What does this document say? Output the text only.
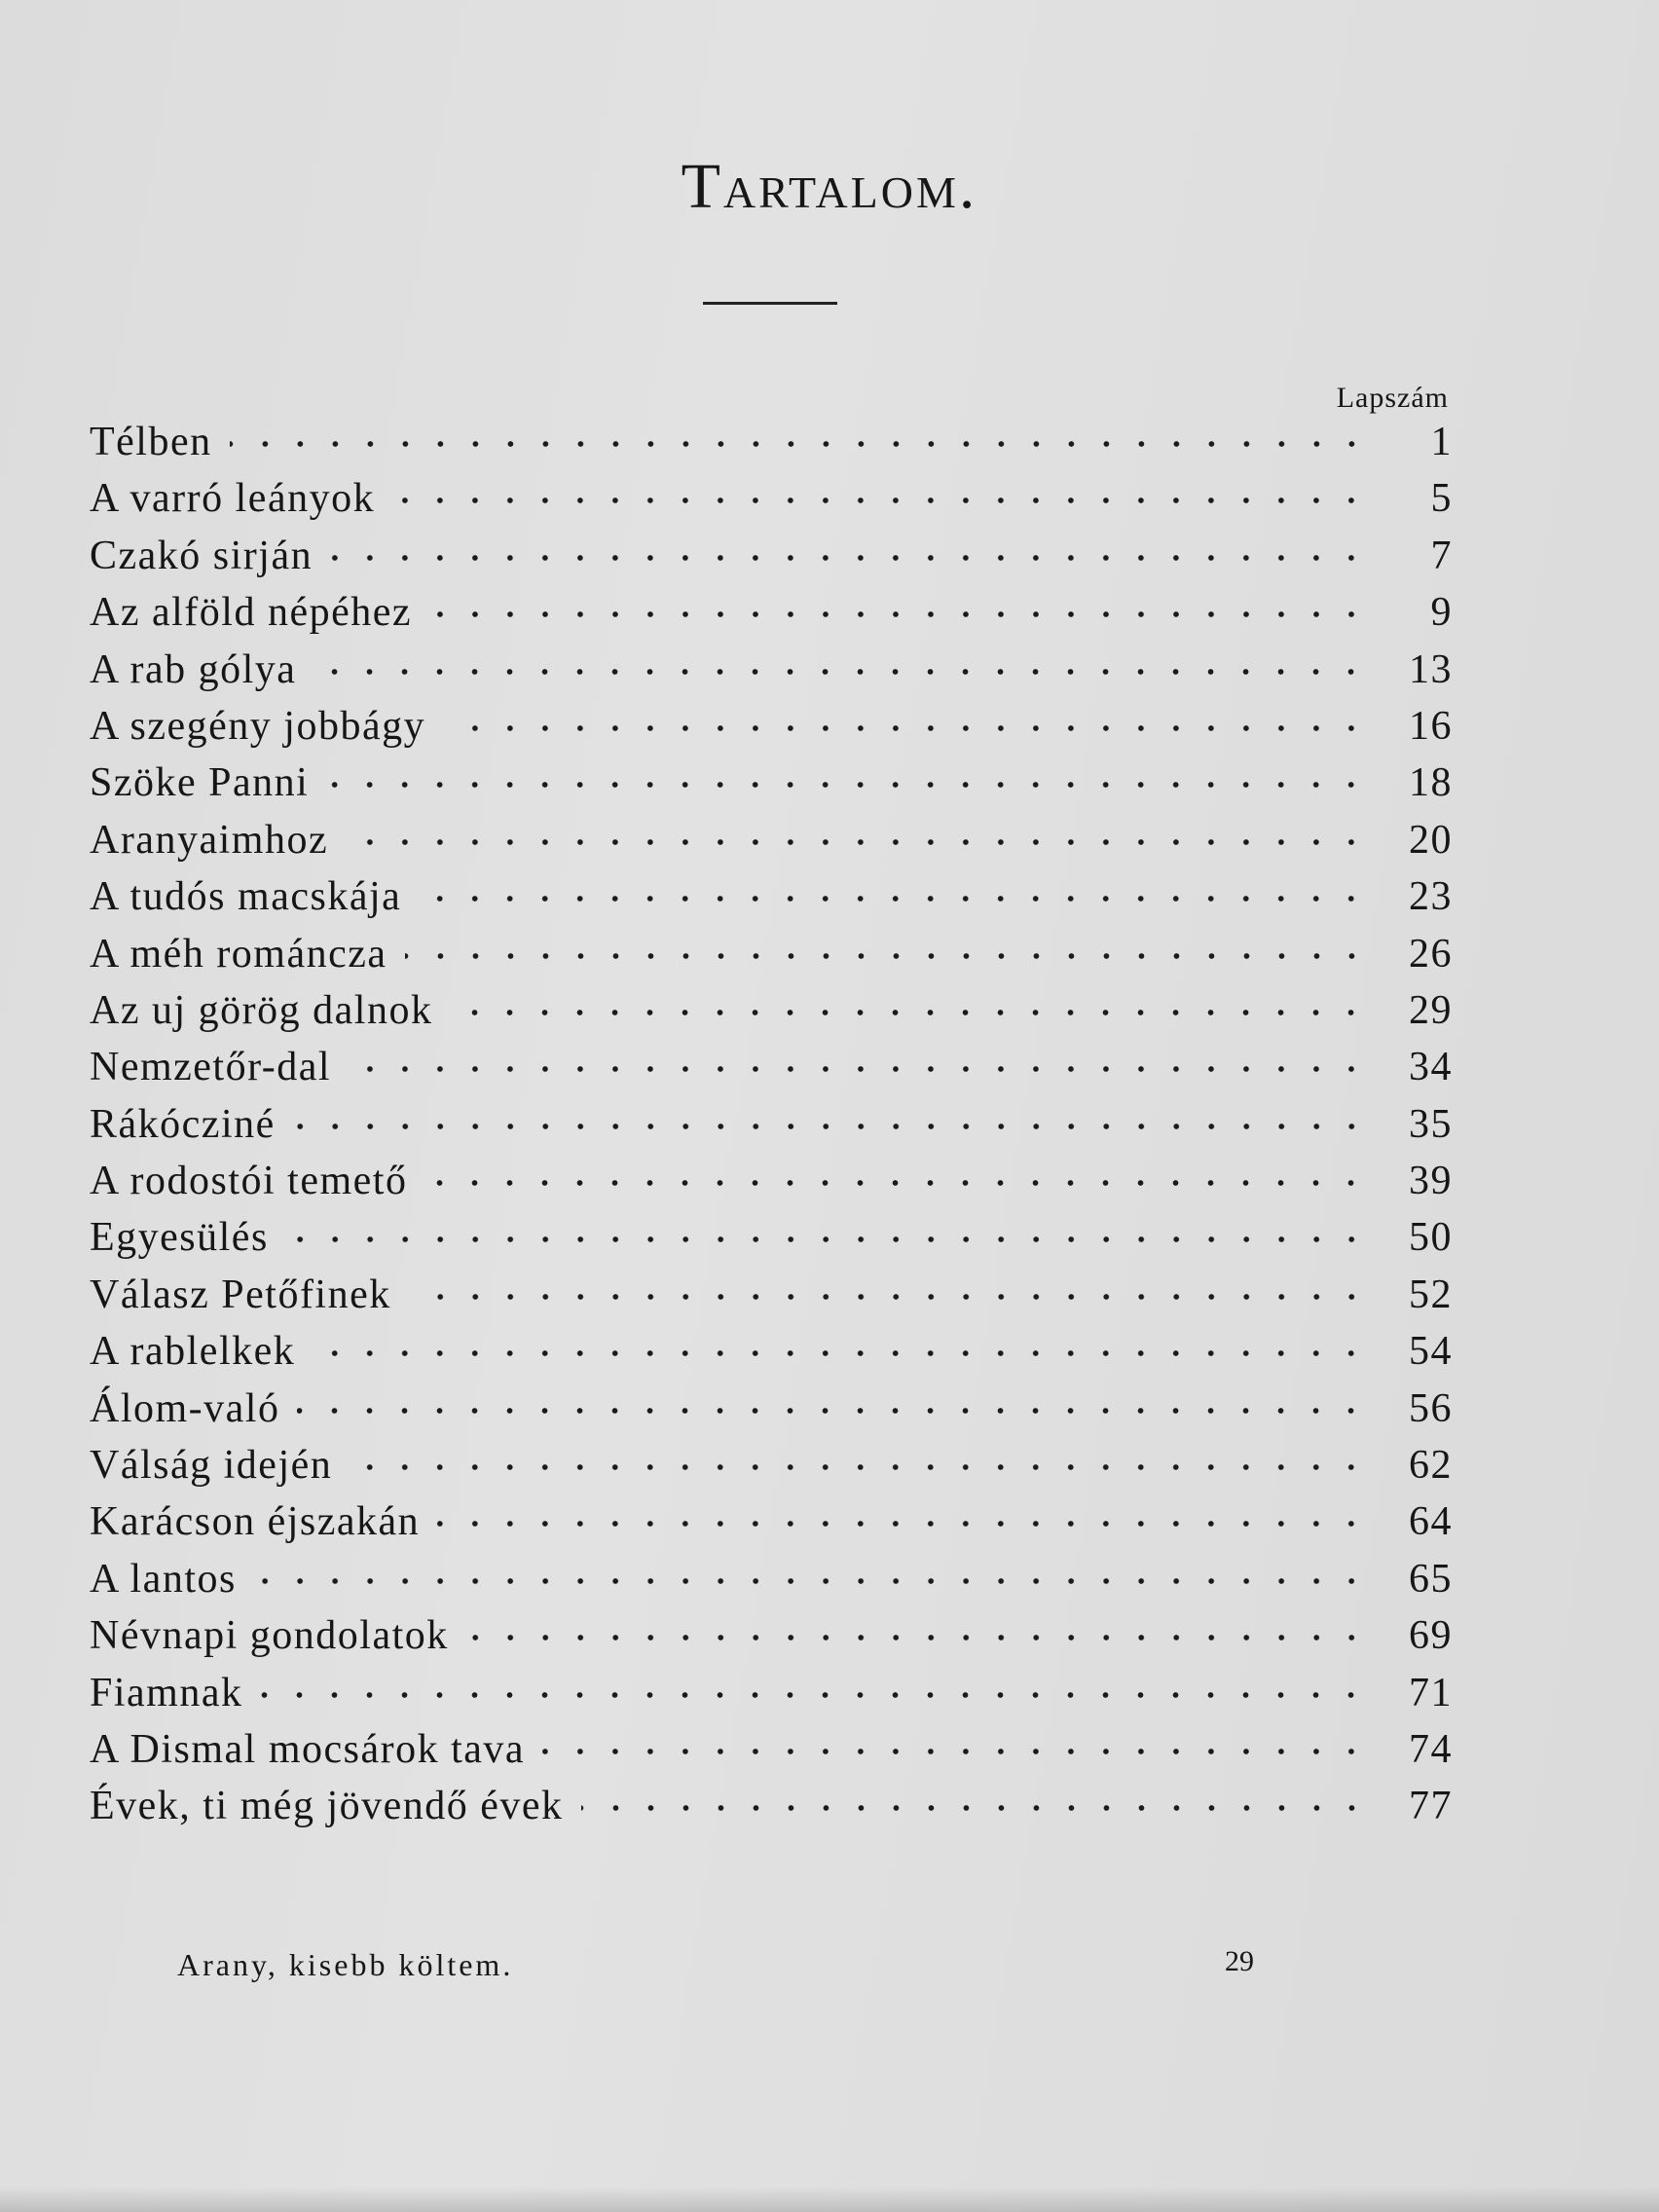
Tartalom.
Lapszám
Télben	1
A varró leányok	5
Czakó sirján	7
Az alföld népéhez	9
A rab gólya	13
A szegény jobbágy	16
Szöke Panni	18
Aranyaimhoz	20
A tudós macskája	23
A méh románcza	26
Az uj görög dalnok	29
Nemzetőr-dal	34
Rákócziné	35
A rodostói temető	39
Egyesülés	50
Válasz Petőfinek	52
A rablelkek	54
Álom-való	56
Válság idején	62
Karácson éjszakán	64
A lantos	65
Névnapi gondolatok	69
Fiamnak	71
A Dismal mocsárok tava	74
Évek, ti még jövendő évek	77
Arany, kisebb költem.	29
